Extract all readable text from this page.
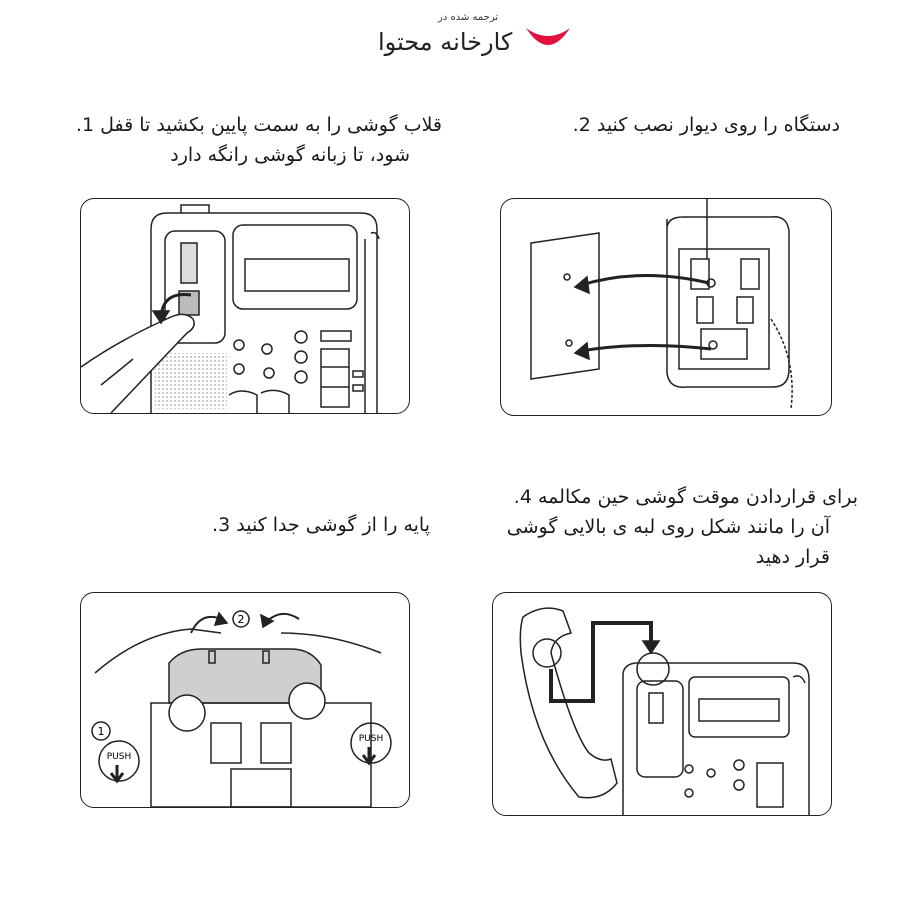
ترجمه شده در
کارخانه محتوا
قلاب گوشی را به سمت پایین بکشید تا قفل 1.
شود، تا زبانه گوشی رانگه دارد
دستگاه را روی دیوار نصب کنید 2.
پایه را از گوشی جدا کنید 3.
برای قراردادن موقت گوشی حین مکالمه 4.
آن را مانند شکل روی لبه ی بالایی گوشی
قرار دهید
2
1
PUSH
PUSH
